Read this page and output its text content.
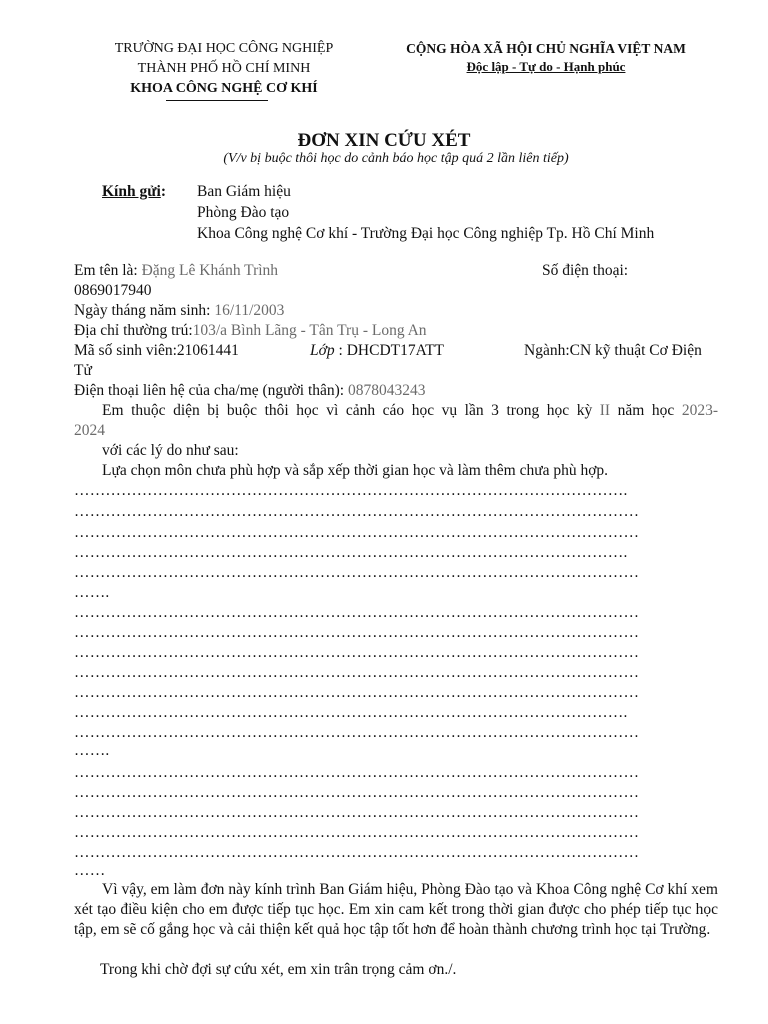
TRƯỜNG ĐẠI HỌC CÔNG NGHIỆP
THÀNH PHỐ HỒ CHÍ MINH
KHOA CÔNG NGHỆ CƠ KHÍ
CỘNG HÒA XÃ HỘI CHỦ NGHĨA VIỆT NAM
Độc lập - Tự do - Hạnh phúc
ĐƠN XIN CỨU XÉT
(V/v bị buộc thôi học do cảnh báo học tập quá 2 lần liên tiếp)
Kính gửi: Ban Giám hiệu
Phòng Đào tạo
Khoa Công nghệ Cơ khí - Trường Đại học Công nghiệp Tp. Hồ Chí Minh
Em tên là: Đặng Lê Khánh Trình	Số điện thoại:
0869017940
Ngày tháng năm sinh: 16/11/2003
Địa chỉ thường trú:103/a Bình Lãng - Tân Trụ - Long An
Mã số sinh viên:21061441	Lớp : DHCDT17ATT	Ngành:CN kỹ thuật Cơ Điện
Tử
Điện thoại liên hệ của cha/mẹ (người thân): 0878043243
Em thuộc diện bị buộc thôi học vì cảnh cáo học vụ lần 3 trong học kỳ II năm học 2023-
2024
với các lý do như sau:
Lựa chọn môn chưa phù hợp và sắp xếp thời gian học và làm thêm chưa phù hợp.
…………………………………………………………………………………………….
………………………………………………………………………………………………
………………………………………………………………………………………………
…………………………………………………………………………………………….
………………………………………………………………………………………………
…….
………………………………………………………………………………………………
………………………………………………………………………………………………
………………………………………………………………………………………………
………………………………………………………………………………………………
………………………………………………………………………………………………
…………………………………………………………………………………………….
………………………………………………………………………………………………
…….
………………………………………………………………………………………………
………………………………………………………………………………………………
………………………………………………………………………………………………
………………………………………………………………………………………………
………………………………………………………………………………………………
……
Vì vậy, em làm đơn này kính trình Ban Giám hiệu, Phòng Đào tạo và Khoa Công nghệ Cơ khí xem xét tạo điều kiện cho em được tiếp tục học. Em xin cam kết trong thời gian được cho phép tiếp tục học tập, em sẽ cố gắng học và cải thiện kết quả học tập tốt hơn để hoàn thành chương trình học tại Trường.
Trong khi chờ đợi sự cứu xét, em xin trân trọng cảm ơn./.
